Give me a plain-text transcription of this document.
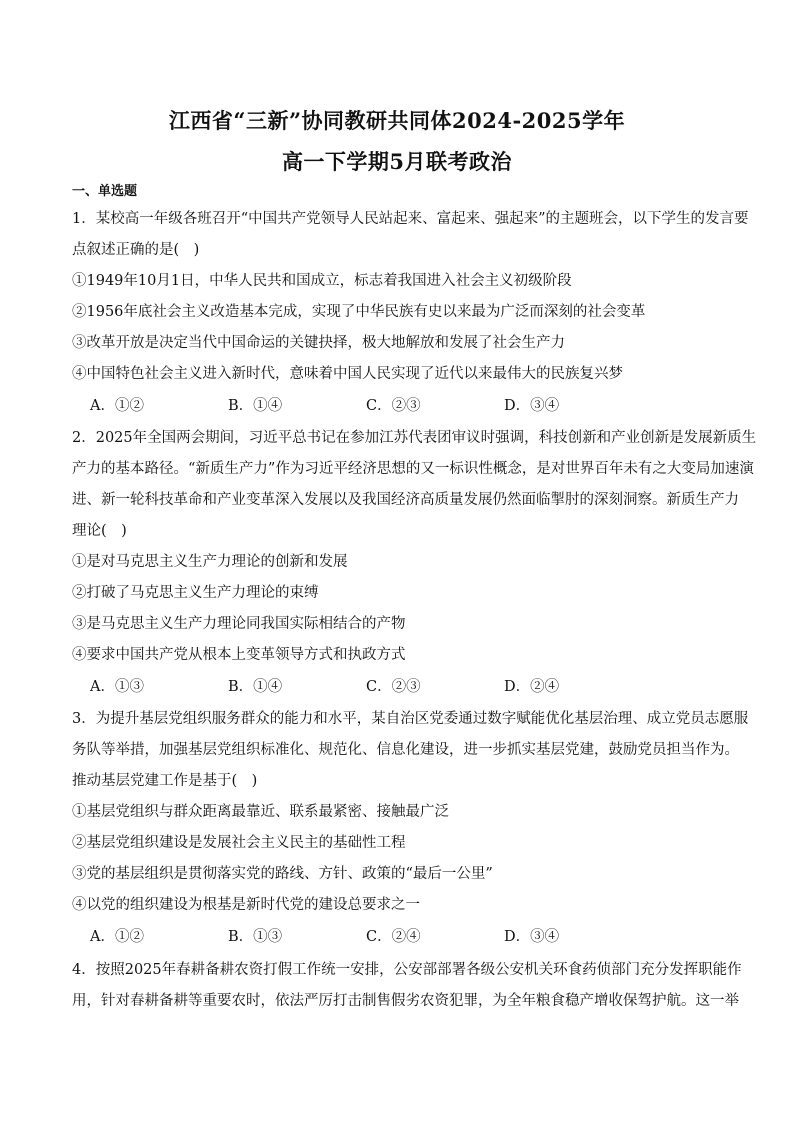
江西省“三新”协同教研共同体2024-2025学年
高一下学期5月联考政治
一、单选题
1．某校高一年级各班召开“中国共产党领导人民站起来、富起来、强起来”的主题班会，以下学生的发言要
点叙述正确的是(　)
①1949年10月1日，中华人民共和国成立，标志着我国进入社会主义初级阶段
②1956年底社会主义改造基本完成，实现了中华民族有史以来最为广泛而深刻的社会变革
③改革开放是决定当代中国命运的关键抉择，极大地解放和发展了社会生产力
④中国特色社会主义进入新时代，意味着中国人民实现了近代以来最伟大的民族复兴梦
A．①②	B．①④	C．②③	D．③④
2．2025年全国两会期间，习近平总书记在参加江苏代表团审议时强调，科技创新和产业创新是发展新质生
产力的基本路径。“新质生产力”作为习近平经济思想的又一标识性概念，是对世界百年未有之大变局加速演
进、新一轮科技革命和产业变革深入发展以及我国经济高质量发展仍然面临掣肘的深刻洞察。新质生产力
理论(　)
①是对马克思主义生产力理论的创新和发展
②打破了马克思主义生产力理论的束缚
③是马克思主义生产力理论同我国实际相结合的产物
④要求中国共产党从根本上变革领导方式和执政方式
A．①③	B．①④	C．②③	D．②④
3．为提升基层党组织服务群众的能力和水平，某自治区党委通过数字赋能优化基层治理、成立党员志愿服
务队等举措，加强基层党组织标准化、规范化、信息化建设，进一步抓实基层党建，鼓励党员担当作为。
推动基层党建工作是基于(　)
①基层党组织与群众距离最靠近、联系最紧密、接触最广泛
②基层党组织建设是发展社会主义民主的基础性工程
③党的基层组织是贯彻落实党的路线、方针、政策的“最后一公里”
④以党的组织建设为根基是新时代党的建设总要求之一
A．①②	B．①③	C．②④	D．③④
4．按照2025年春耕备耕农资打假工作统一安排，公安部部署各级公安机关环食药侦部门充分发挥职能作
用，针对春耕备耕等重要农时，依法严厉打击制售假劣农资犯罪，为全年粮食稳产增收保驾护航。这一举
